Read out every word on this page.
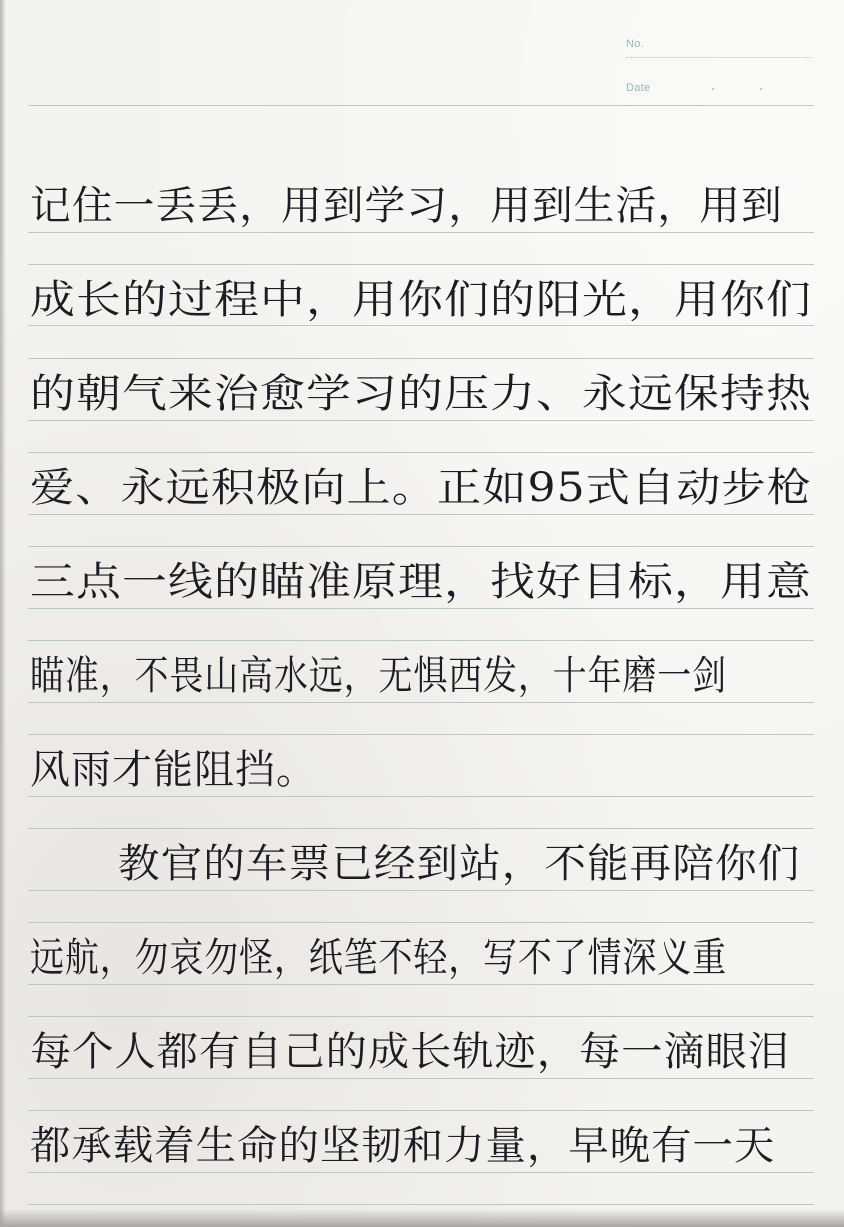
No.
Date
记住一丢丢，用到学习，用到生活，用到
成长的过程中，用你们的阳光，用你们
的朝气来治愈学习的压力、永远保持热
爱、永远积极向上。正如95式自动步枪
三点一线的瞄准原理，找好目标，用意
瞄准，不畏山高水远，无惧西发，十年磨一剑
风雨才能阻挡。
教官的车票已经到站，不能再陪你们
远航，勿哀勿怪，纸笔不轻，写不了情深义重
每个人都有自己的成长轨迹，每一滴眼泪
都承载着生命的坚韧和力量，早晚有一天
